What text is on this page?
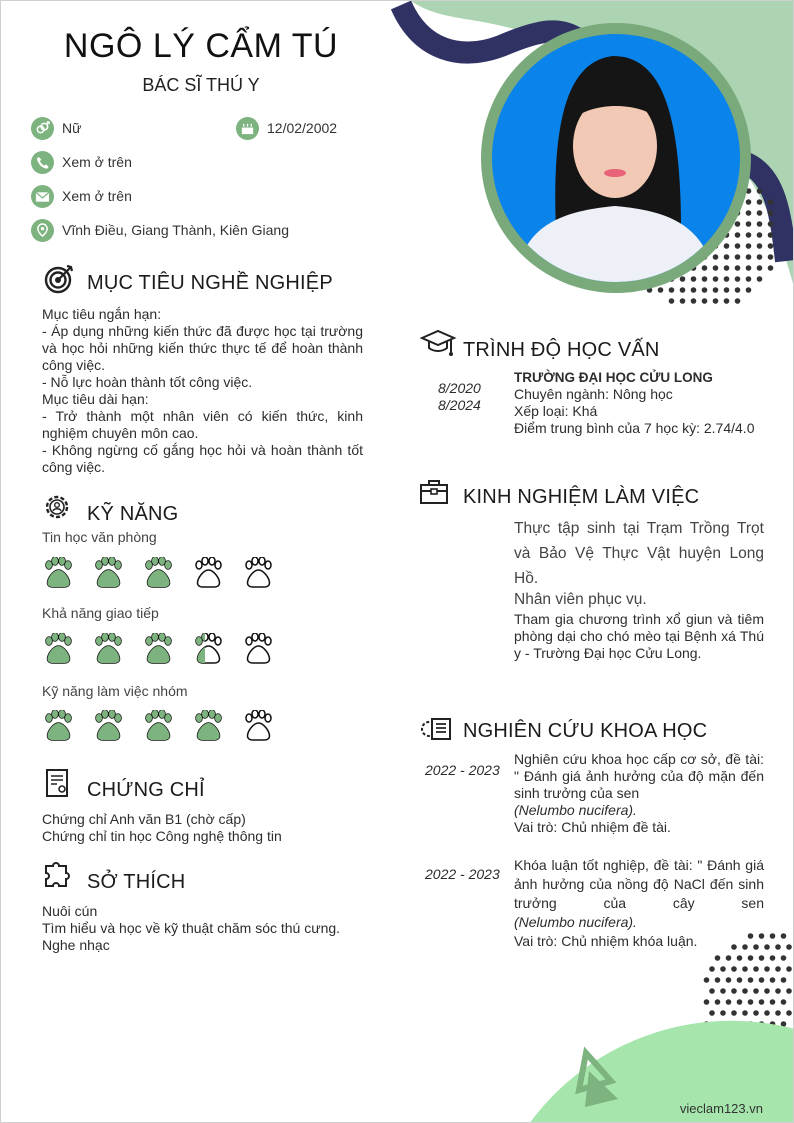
NGÔ LÝ CẨM TÚ
BÁC SĨ THÚ Y
Nữ	12/02/2002
Xem ở trên
Xem ở trên
Vĩnh Điều, Giang Thành, Kiên Giang
MỤC TIÊU NGHỀ NGHIỆP
Mục tiêu ngắn hạn:
- Áp dụng những kiến thức đã được học tại trường và học hỏi những kiến thức thực tế để hoàn thành công việc.
- Nỗ lực hoàn thành tốt công việc.
Mục tiêu dài hạn:
- Trở thành một nhân viên có kiến thức, kinh nghiệm chuyên môn cao.
- Không ngừng cố gắng học hỏi và hoàn thành tốt công việc.
KỸ NĂNG
Tin học văn phòng
Khả năng giao tiếp
Kỹ năng làm việc nhóm
CHỨNG CHỈ
Chứng chỉ Anh văn B1 (chờ cấp)
Chứng chỉ tin học Công nghệ thông tin
SỞ THÍCH
Nuôi cún
Tìm hiểu và học về kỹ thuật chăm sóc thú cưng.
Nghe nhạc
TRÌNH ĐỘ HỌC VẤN
8/2020
8/2024
TRƯỜNG ĐẠI HỌC CỬU LONG
Chuyên ngành: Nông học
Xếp loại: Khá
Điểm trung bình của 7 học kỳ: 2.74/4.0
KINH NGHIỆM LÀM VIỆC
Thực tập sinh tại Trạm Trồng Trọt và Bảo Vệ Thực Vật huyện Long Hồ.
Nhân viên phục vụ.
Tham gia chương trình xổ giun và tiêm phòng dại cho chó mèo tại Bệnh xá Thú y - Trường Đại học Cửu Long.
NGHIÊN CỨU KHOA HỌC
2022 - 2023
Nghiên cứu khoa học cấp cơ sở, đề tài: " Đánh giá ảnh hưởng của độ mặn đến sinh trưởng của sen
(Nelumbo nucifera).
Vai trò: Chủ nhiệm đề tài.
2022 - 2023
Khóa luận tốt nghiệp, đề tài: " Đánh giá ảnh hưởng của nồng độ NaCl đến sinh trưởng của cây sen
(Nelumbo nucifera).
Vai trò: Chủ nhiệm khóa luận.
vieclam123.vn
